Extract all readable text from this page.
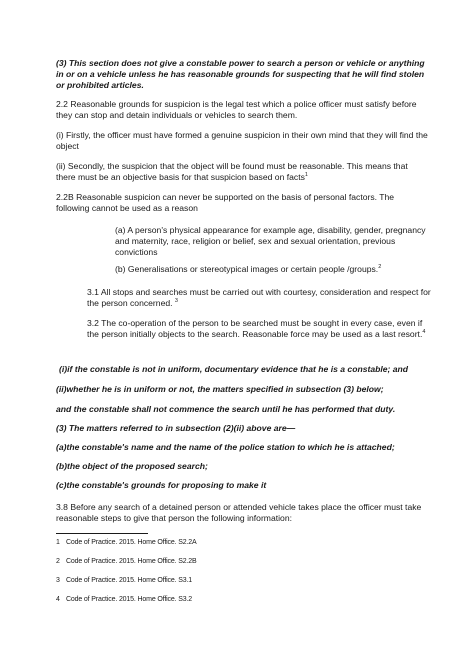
(3) This section does not give a constable power to search a person or vehicle or anything in or on a vehicle unless he has reasonable grounds for suspecting that he will find stolen or prohibited articles.

2.2 Reasonable grounds for suspicion is the legal test which a police officer must satisfy before they can stop and detain individuals or vehicles to search them.

(i) Firstly, the officer must have formed a genuine suspicion in their own mind that they will find the object

(ii) Secondly, the suspicion that the object will be found must be reasonable. This means that there must be an objective basis for that suspicion based on facts$^1$

2.2B Reasonable suspicion can never be supported on the basis of personal factors. The following cannot be used as a reason

(a) A person's physical appearance for example age, disability, gender, pregnancy and maternity, race, religion or belief, sex and sexual orientation, previous convictions

(b) Generalisations or stereotypical images or certain people /groups.$^2$

3.1 All stops and searches must be carried out with courtesy, consideration and respect for the person concerned. $^3$

3.2 The co-operation of the person to be searched must be sought in every case, even if the person initially objects to the search. Reasonable force may be used as a last resort.$^4$

(i)if the constable is not in uniform, documentary evidence that he is a constable; and

(ii)whether he is in uniform or not, the matters specified in subsection (3) below;

and the constable shall not commence the search until he has performed that duty.

(3) The matters referred to in subsection (2)(ii) above are—

(a)the constable's name and the name of the police station to which he is attached;

(b)the object of the proposed search;

(c)the constable's grounds for proposing to make it

3.8 Before any search of a detained person or attended vehicle takes place the officer must take reasonable steps to give that person the following information:

1 Code of Practice. 2015. Home Office. S2.2A
2 Code of Practice. 2015. Home Office. S2.2B
3 Code of Practice. 2015. Home Office. S3.1
4 Code of Practice. 2015. Home Office. S3.2
